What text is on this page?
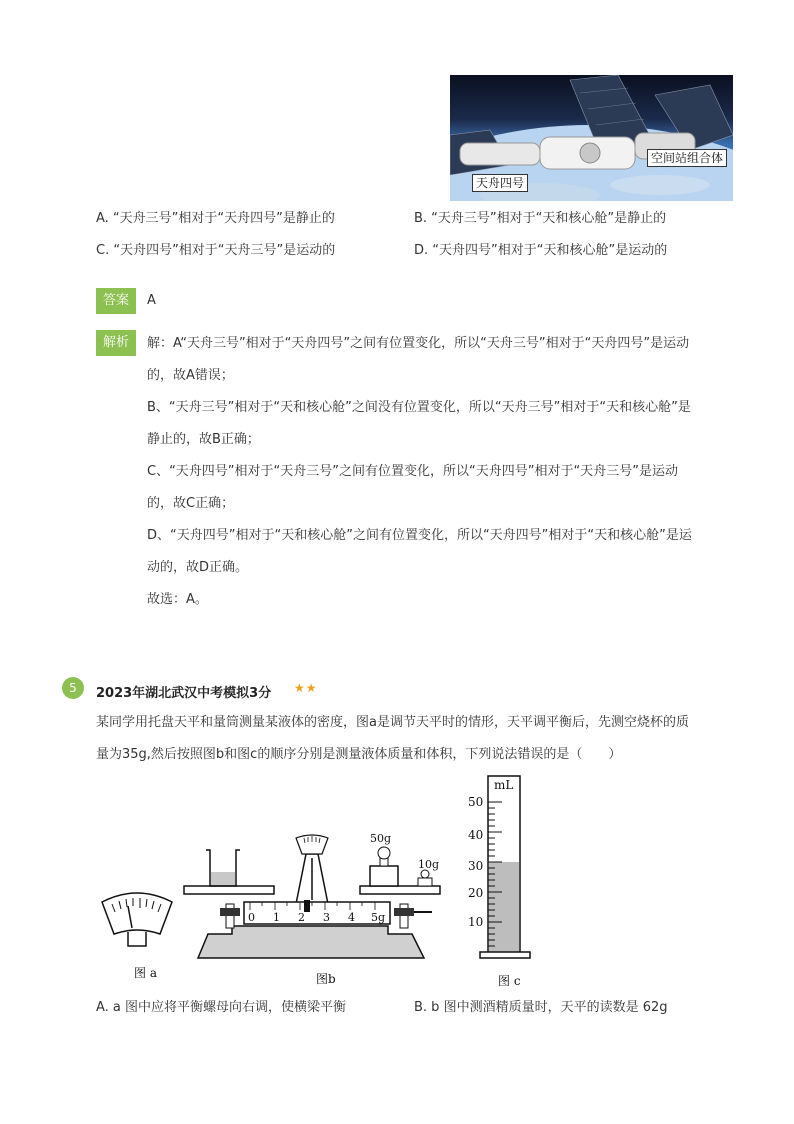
天舟四号
空间站组合体
A. “天舟三号”相对于“天舟四号”是静止的	B. “天舟三号”相对于“天和核心舱”是静止的
C. “天舟四号”相对于“天舟三号”是运动的	D. “天舟四号”相对于“天和核心舱”是运动的
答案	A
解析	解：A“天舟三号”相对于“天舟四号”之间有位置变化，所以“天舟三号”相对于“天舟四号”是运动
的，故A错误；
B、“天舟三号”相对于“天和核心舱”之间没有位置变化，所以“天舟三号”相对于“天和核心舱”是
静止的，故B正确；
C、“天舟四号”相对于“天舟三号”之间有位置变化，所以“天舟四号”相对于“天舟三号”是运动
的，故C正确；
D、“天舟四号”相对于“天和核心舱”之间有位置变化，所以“天舟四号”相对于“天和核心舱”是运
动的，故D正确。
故选：A。
5	2023年湖北武汉中考模拟3分 ★★
某同学用托盘天平和量筒测量某液体的密度，图a是调节天平时的情形，天平调平衡后，先测空烧杯的质
量为35g,然后按照图b和图c的顺序分别是测量液体质量和体积，下列说法错误的是（　　）
图 a
0 1 2 3 4 5g
50g
10g
图b
mL
50
40
30
20
10
图 c
A. a 图中应将平衡螺母向右调，使横梁平衡	B. b 图中测酒精质量时，天平的读数是 62g
